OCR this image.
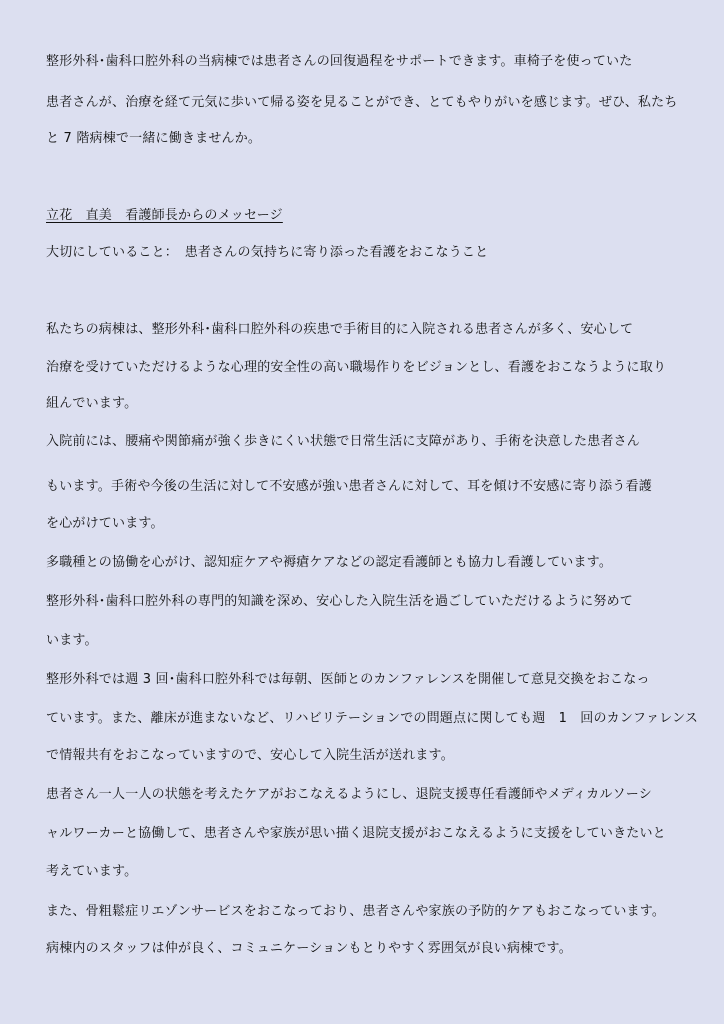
整形外科･歯科口腔外科の当病棟では患者さんの回復過程をサポートできます。車椅子を使っていた
患者さんが、治療を経て元気に歩いて帰る姿を見ることができ、とてもやりがいを感じます。ぜひ、私たち
と 7 階病棟で一緒に働きませんか。
立花　直美　看護師長からのメッセージ
大切にしていること：　患者さんの気持ちに寄り添った看護をおこなうこと
私たちの病棟は、整形外科･歯科口腔外科の疾患で手術目的に入院される患者さんが多く、安心して
治療を受けていただけるような心理的安全性の高い職場作りをビジョンとし、看護をおこなうように取り
組んでいます。
入院前には、腰痛や関節痛が強く歩きにくい状態で日常生活に支障があり、手術を決意した患者さん
もいます。手術や今後の生活に対して不安感が強い患者さんに対して、耳を傾け不安感に寄り添う看護
を心がけています。
多職種との協働を心がけ、認知症ケアや褥瘡ケアなどの認定看護師とも協力し看護しています。
整形外科･歯科口腔外科の専門的知識を深め、安心した入院生活を過ごしていただけるように努めて
います。
整形外科では週 3 回･歯科口腔外科では毎朝、医師とのカンファレンスを開催して意見交換をおこなっ
ています。また、離床が進まないなど、リハビリテーションでの問題点に関しても週　1　回のカンファレンス
で情報共有をおこなっていますので、安心して入院生活が送れます。
患者さん一人一人の状態を考えたケアがおこなえるようにし、退院支援専任看護師やメディカルソーシ
ャルワーカーと協働して、患者さんや家族が思い描く退院支援がおこなえるように支援をしていきたいと
考えています。
また、骨粗鬆症リエゾンサービスをおこなっており、患者さんや家族の予防的ケアもおこなっています。
病棟内のスタッフは仲が良く、コミュニケーションもとりやすく雰囲気が良い病棟です。
